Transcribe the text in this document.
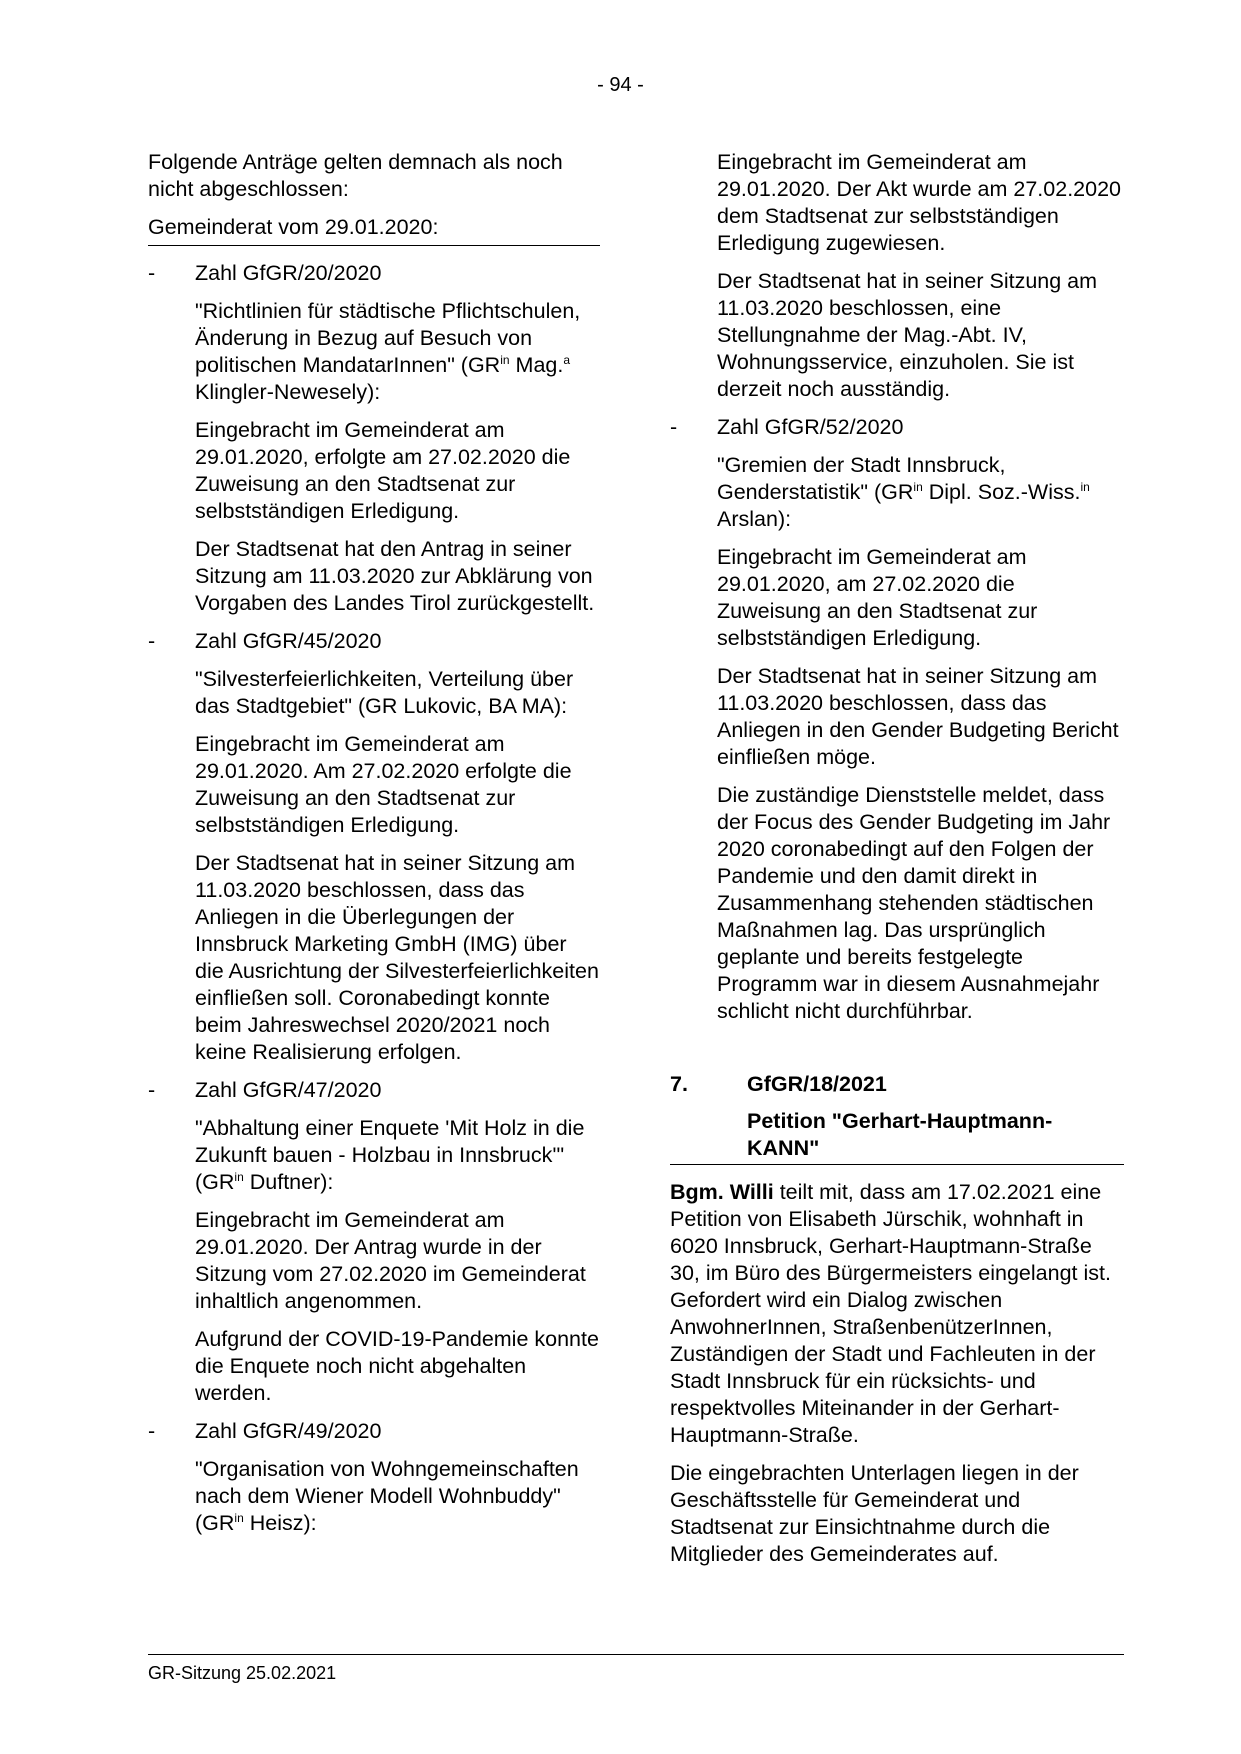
- 94 -

Folgende Anträge gelten demnach als noch nicht abgeschlossen:

Gemeinderat vom 29.01.2020:

- Zahl GfGR/20/2020

"Richtlinien für städtische Pflichtschulen, Änderung in Bezug auf Besuch von politischen MandatarInnen" ($GR^{in}$ Mag.$^a$ Klingler-Newesely):

Eingebracht im Gemeinderat am 29.01.2020, erfolgte am 27.02.2020 die Zuweisung an den Stadtsenat zur selbstständigen Erledigung.

Der Stadtsenat hat den Antrag in seiner Sitzung am 11.03.2020 zur Abklärung von Vorgaben des Landes Tirol zurückgestellt.

- Zahl GfGR/45/2020

"Silvesterfeierlichkeiten, Verteilung über das Stadtgebiet" (GR Lukovic, BA MA):

Eingebracht im Gemeinderat am 29.01.2020. Am 27.02.2020 erfolgte die Zuweisung an den Stadtsenat zur selbstständigen Erledigung.

Der Stadtsenat hat in seiner Sitzung am 11.03.2020 beschlossen, dass das Anliegen in die Überlegungen der Innsbruck Marketing GmbH (IMG) über die Ausrichtung der Silvesterfeierlichkeiten einfließen soll. Coronabedingt konnte beim Jahreswechsel 2020/2021 noch keine Realisierung erfolgen.

- Zahl GfGR/47/2020

"Abhaltung einer Enquete 'Mit Holz in die Zukunft bauen - Holzbau in Innsbruck'" ($GR^{in}$ Duftner):

Eingebracht im Gemeinderat am 29.01.2020. Der Antrag wurde in der Sitzung vom 27.02.2020 im Gemeinderat inhaltlich angenommen.

Aufgrund der COVID-19-Pandemie konnte die Enquete noch nicht abgehalten werden.

- Zahl GfGR/49/2020

"Organisation von Wohngemeinschaften nach dem Wiener Modell Wohnbuddy" ($GR^{in}$ Heisz):

Eingebracht im Gemeinderat am 29.01.2020. Der Akt wurde am 27.02.2020 dem Stadtsenat zur selbstständigen Erledigung zugewiesen.

Der Stadtsenat hat in seiner Sitzung am 11.03.2020 beschlossen, eine Stellungnahme der Mag.-Abt. IV, Wohnungsservice, einzuholen. Sie ist derzeit noch ausständig.

- Zahl GfGR/52/2020

"Gremien der Stadt Innsbruck, Genderstatistik" ($GR^{in}$ Dipl. Soz.-Wiss.$^{in}$ Arslan):

Eingebracht im Gemeinderat am 29.01.2020, am 27.02.2020 die Zuweisung an den Stadtsenat zur selbstständigen Erledigung.

Der Stadtsenat hat in seiner Sitzung am 11.03.2020 beschlossen, dass das Anliegen in den Gender Budgeting Bericht einfließen möge.

Die zuständige Dienststelle meldet, dass der Focus des Gender Budgeting im Jahr 2020 coronabedingt auf den Folgen der Pandemie und den damit direkt in Zusammenhang stehenden städtischen Maßnahmen lag. Das ursprünglich geplante und bereits festgelegte Programm war in diesem Ausnahmejahr schlicht nicht durchführbar.

7.	GfGR/18/2021
Petition "Gerhart-Hauptmann-KANN"

Bgm. Willi teilt mit, dass am 17.02.2021 eine Petition von Elisabeth Jürschik, wohnhaft in 6020 Innsbruck, Gerhart-Hauptmann-Straße 30, im Büro des Bürgermeisters eingelangt ist. Gefordert wird ein Dialog zwischen AnwohnerInnen, StraßenbenützerInnen, Zuständigen der Stadt und Fachleuten in der Stadt Innsbruck für ein rücksichts- und respektvolles Miteinander in der Gerhart-Hauptmann-Straße.

Die eingebrachten Unterlagen liegen in der Geschäftsstelle für Gemeinderat und Stadtsenat zur Einsichtnahme durch die Mitglieder des Gemeinderates auf.

GR-Sitzung 25.02.2021
